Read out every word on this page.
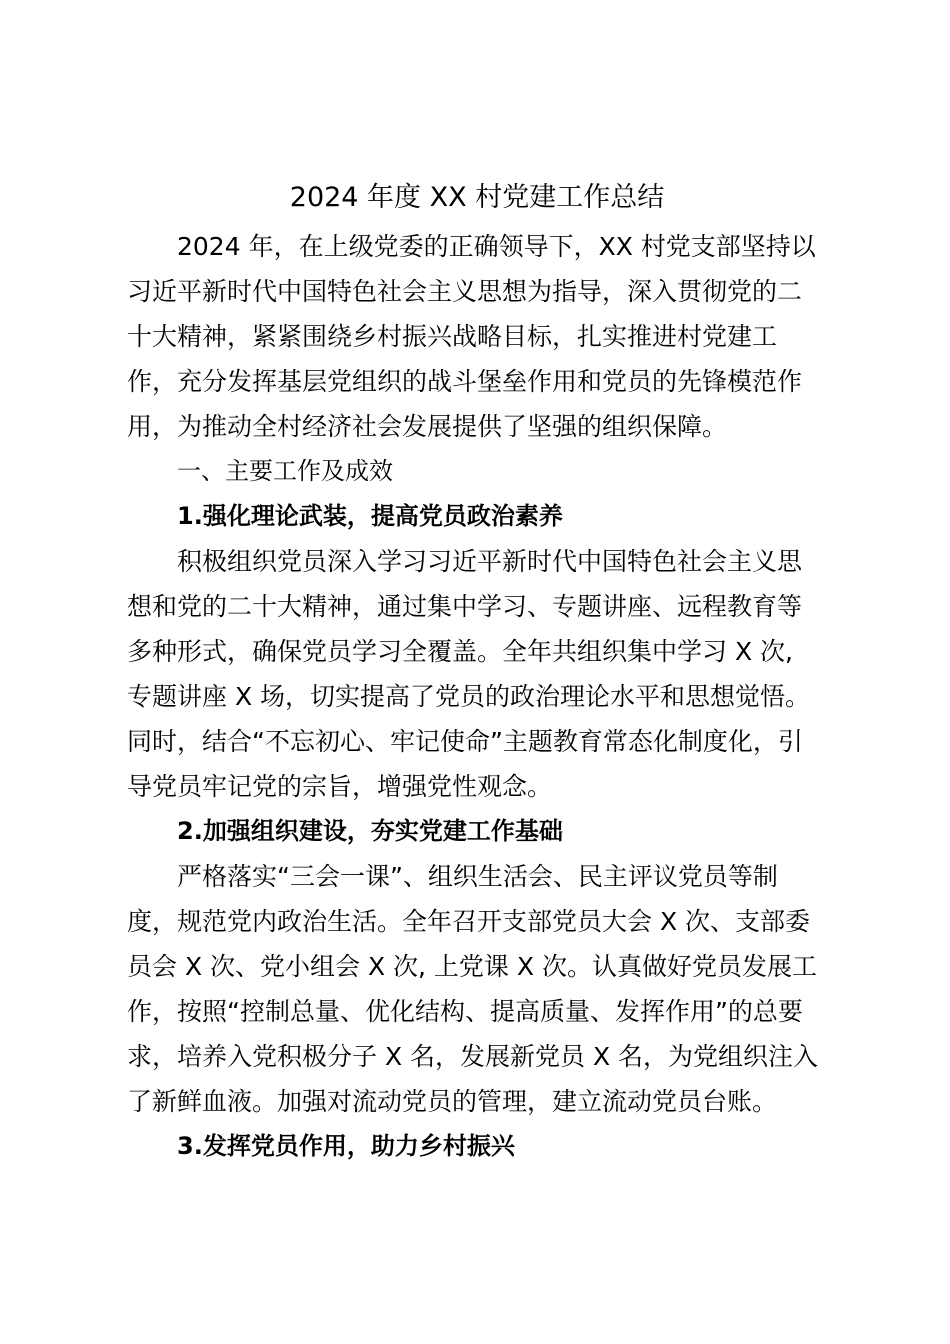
2024 年度 XX 村党建工作总结

2024 年，在上级党委的正确领导下，XX 村党支部坚持以
习近平新时代中国特色社会主义思想为指导，深入贯彻党的二
十大精神，紧紧围绕乡村振兴战略目标，扎实推进村党建工
作，充分发挥基层党组织的战斗堡垒作用和党员的先锋模范作
用，为推动全村经济社会发展提供了坚强的组织保障。

一、主要工作及成效

1.强化理论武装，提高党员政治素养

积极组织党员深入学习习近平新时代中国特色社会主义思
想和党的二十大精神，通过集中学习、专题讲座、远程教育等
多种形式，确保党员学习全覆盖。全年共组织集中学习 X 次,
专题讲座 X 场，切实提高了党员的政治理论水平和思想觉悟。
同时，结合“不忘初心、牢记使命”主题教育常态化制度化，引
导党员牢记党的宗旨，增强党性观念。

2.加强组织建设，夯实党建工作基础

严格落实“三会一课”、组织生活会、民主评议党员等制
度，规范党内政治生活。全年召开支部党员大会 X 次、支部委
员会 X 次、党小组会 X 次, 上党课 X 次。认真做好党员发展工
作，按照“控制总量、优化结构、提高质量、发挥作用”的总要
求，培养入党积极分子 X 名，发展新党员 X 名，为党组织注入
了新鲜血液。加强对流动党员的管理，建立流动党员台账。

3.发挥党员作用，助力乡村振兴
